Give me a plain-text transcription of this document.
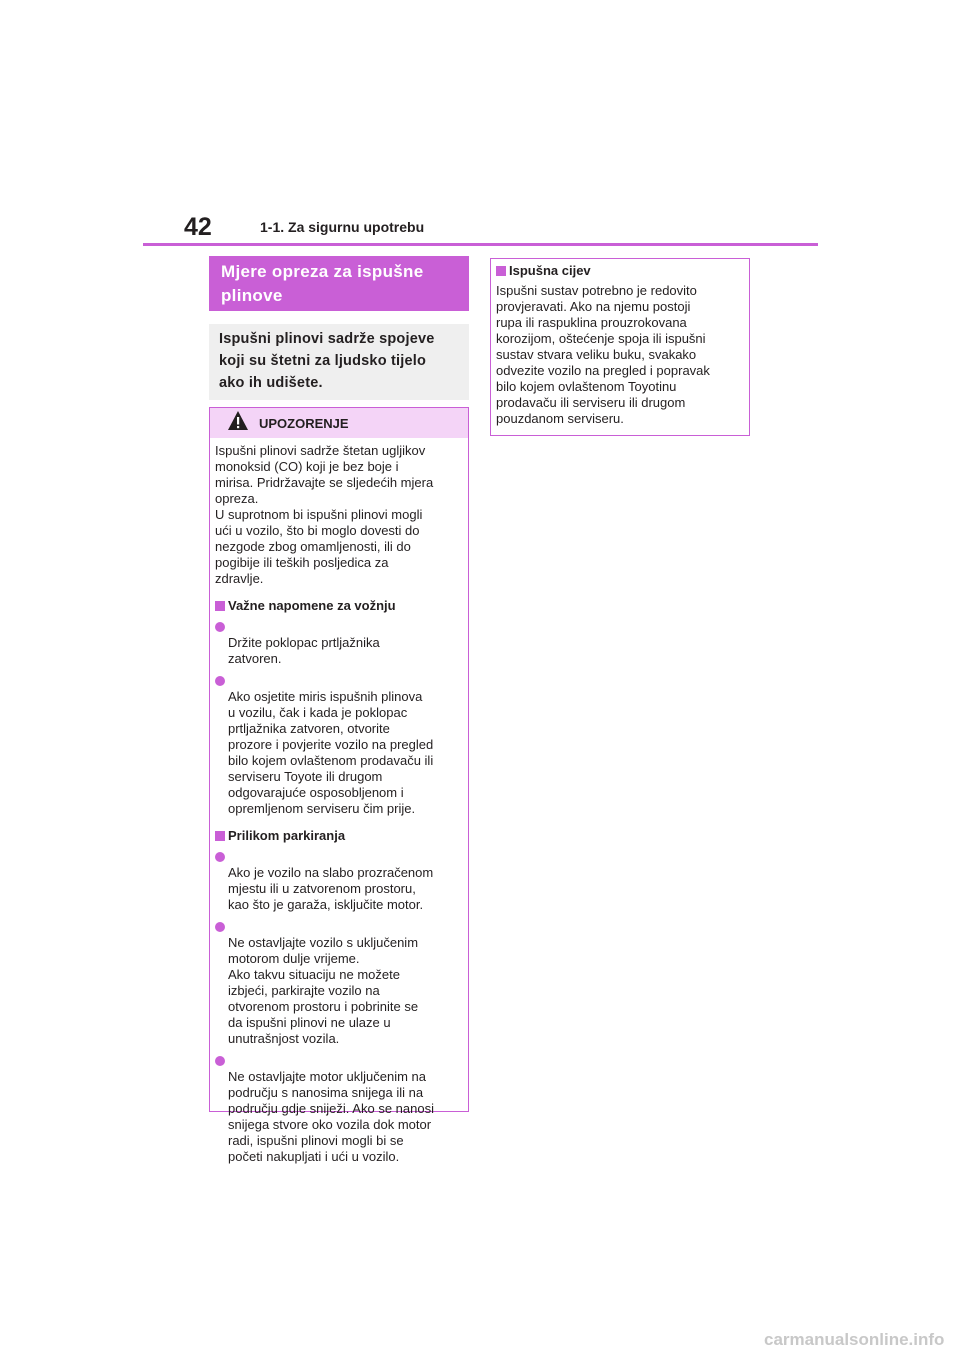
42	1-1. Za sigurnu upotrebu
Mjere opreza za ispušne
plinove
Ispušni plinovi sadrže spojeve
koji su štetni za ljudsko tijelo
ako ih udišete.
UPOZORENJE

Ispušni plinovi sadrže štetan ugljikov
monoksid (CO) koji je bez boje i
mirisa. Pridržavajte se sljedećih mjera
opreza.
U suprotnom bi ispušni plinovi mogli
ući u vozilo, što bi moglo dovesti do
nezgode zbog omamljenosti, ili do
pogibije ili teških posljedica za
zdravlje.

Važne napomene za vožnju

Držite poklopac prtljažnika
zatvoren.

Ako osjetite miris ispušnih plinova
u vozilu, čak i kada je poklopac
prtljažnika zatvoren, otvorite
prozore i povjerite vozilo na pregled
bilo kojem ovlaštenom prodavaču ili
serviseru Toyote ili drugom
odgovarajuće osposobljenom i
opremljenom serviseru čim prije.

Prilikom parkiranja

Ako je vozilo na slabo prozračenom
mjestu ili u zatvorenom prostoru,
kao što je garaža, isključite motor.

Ne ostavljajte vozilo s uključenim
motorom dulje vrijeme.
Ako takvu situaciju ne možete
izbjeći, parkirajte vozilo na
otvorenom prostoru i pobrinite se
da ispušni plinovi ne ulaze u
unutrašnjost vozila.

Ne ostavljajte motor uključenim na
području s nanosima snijega ili na
području gdje sniježi. Ako se nanosi
snijega stvore oko vozila dok motor
radi, ispušni plinovi mogli bi se
početi nakupljati i ući u vozilo.

Ispušna cijev

Ispušni sustav potrebno je redovito
provjeravati. Ako na njemu postoji
rupa ili raspuklina prouzrokovana
korozijom, oštećenje spoja ili ispušni
sustav stvara veliku buku, svakako
odvezite vozilo na pregled i popravak
bilo kojem ovlaštenom Toyotinu
prodavaču ili serviseru ili drugom
pouzdanom serviseru.

carmanualsonline.info
